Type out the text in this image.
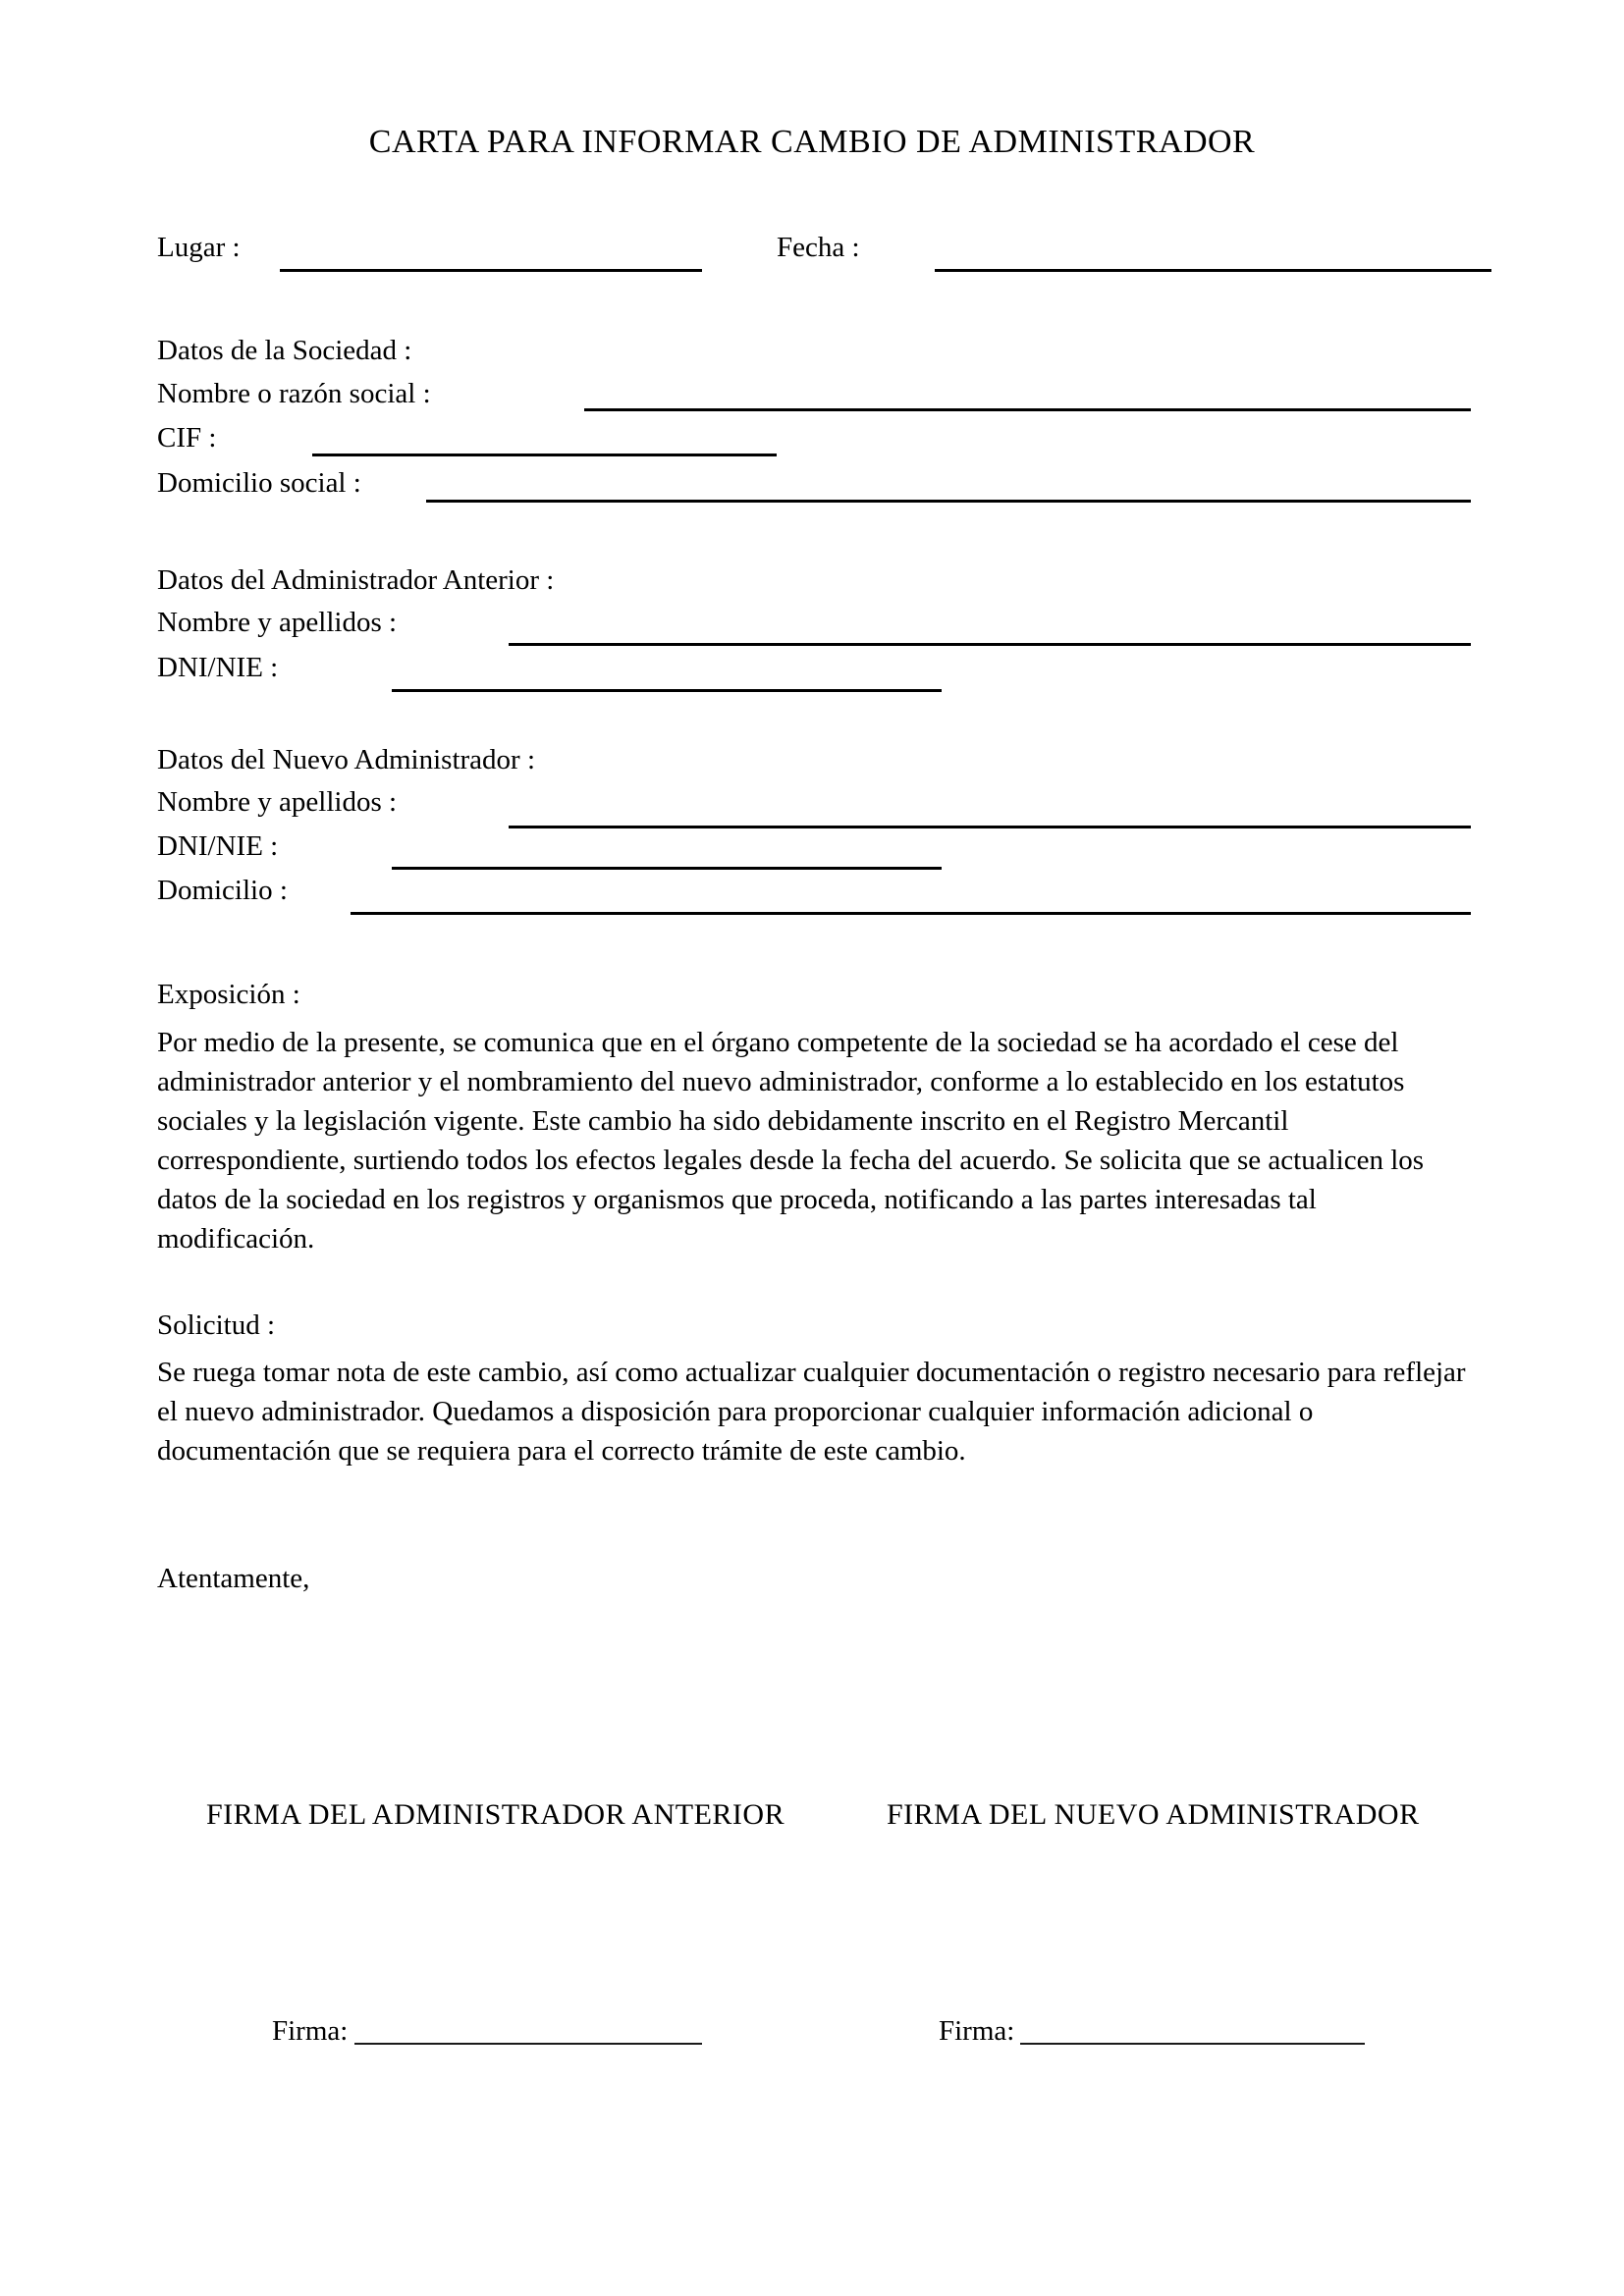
CARTA PARA INFORMAR CAMBIO DE ADMINISTRADOR
Lugar :	Fecha :
Datos de la Sociedad :
Nombre o razón social :
CIF :
Domicilio social :
Datos del Administrador Anterior :
Nombre y apellidos :
DNI/NIE :
Datos del Nuevo Administrador :
Nombre y apellidos :
DNI/NIE :
Domicilio :
Exposición :
Por medio de la presente, se comunica que en el órgano competente de la sociedad se ha acordado el cese del administrador anterior y el nombramiento del nuevo administrador, conforme a lo establecido en los estatutos sociales y la legislación vigente. Este cambio ha sido debidamente inscrito en el Registro Mercantil correspondiente, surtiendo todos los efectos legales desde la fecha del acuerdo. Se solicita que se actualicen los datos de la sociedad en los registros y organismos que proceda, notificando a las partes interesadas tal modificación.
Solicitud :
Se ruega tomar nota de este cambio, así como actualizar cualquier documentación o registro necesario para reflejar el nuevo administrador. Quedamos a disposición para proporcionar cualquier información adicional o documentación que se requiera para el correcto trámite de este cambio.
Atentamente,
FIRMA DEL ADMINISTRADOR ANTERIOR	FIRMA DEL NUEVO ADMINISTRADOR
Firma:	Firma:
